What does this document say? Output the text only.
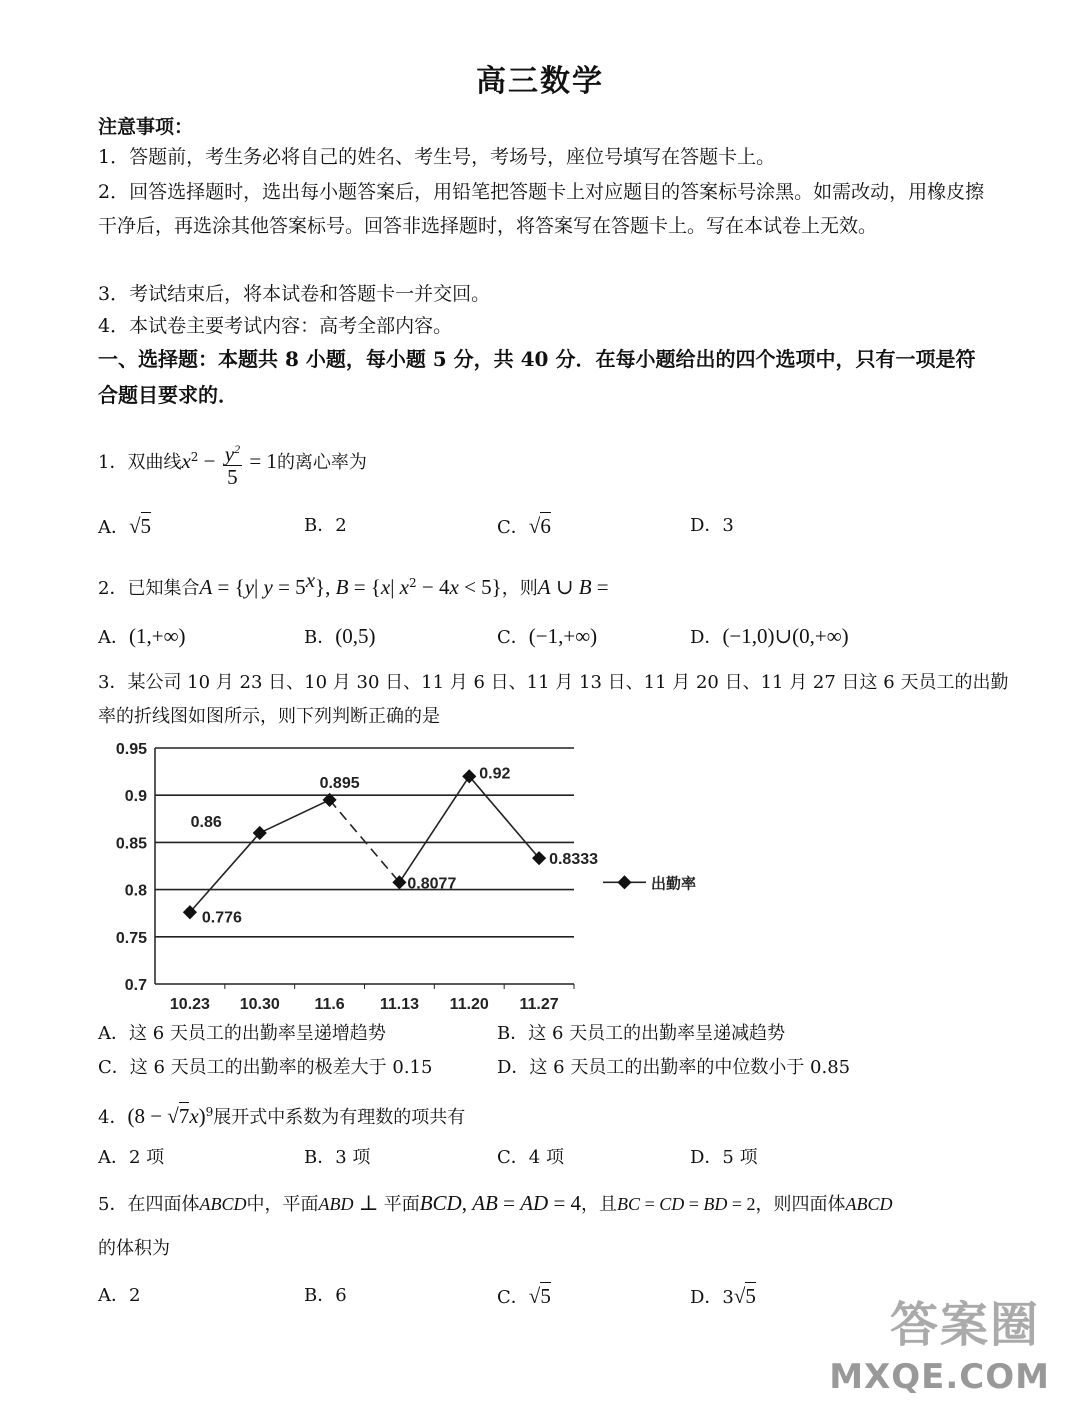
高三数学
注意事项：
1．答题前，考生务必将自己的姓名、考生号，考场号，座位号填写在答题卡上。
2．回答选择题时，选出每小题答案后，用铅笔把答题卡上对应题目的答案标号涂黑。如需改动，用橡皮擦干净后，再选涂其他答案标号。回答非选择题时，将答案写在答题卡上。写在本试卷上无效。
3．考试结束后，将本试卷和答题卡一并交回。
4．本试卷主要考试内容：高考全部内容。
一、选择题：本题共 8 小题，每小题 5 分，共 40 分．在每小题给出的四个选项中，只有一项是符合题目要求的．
1．双曲线$x^2 - \frac{y^2}{5} = 1$的离心率为
A．√5	B．2	C．√6	D．3
2．已知集合A = {y| $y = 5^x$}, B = {x| $x^2 - 4x < 5$}，则A ∪ B =
A．(1,+∞)	B．(0,5)	C．(−1,+∞)	D．(−1,0)∪(0,+∞)
3．某公司 10 月 23 日、10 月 30 日、11 月 6 日、11 月 13 日、11 月 20 日、11 月 27 日这 6 天员工的出勤
率的折线图如图所示，则下列判断正确的是
0.7
0.75
0.8
0.85
0.9
0.95
10.23 10.30 11.6 11.13 11.20 11.27
0.776
0.86
0.895
0.8077
0.92
0.8333
出勤率
A．这 6 天员工的出勤率呈递增趋势	B．这 6 天员工的出勤率呈递减趋势
C．这 6 天员工的出勤率的极差大于 0.15	D．这 6 天员工的出勤率的中位数小于 0.85
4．$(8 - √7x)^9$展开式中系数为有理数的项共有
A．2 项	B．3 项	C．4 项	D．5 项
5．在四面体ABCD中，平面ABD ⊥ 平面BCD, AB = AD = 4，且BC = CD = BD = 2，则四面体ABCD
的体积为
A．2	B．6	C．√5	D．3√5
答案圈
MXQE.COM
